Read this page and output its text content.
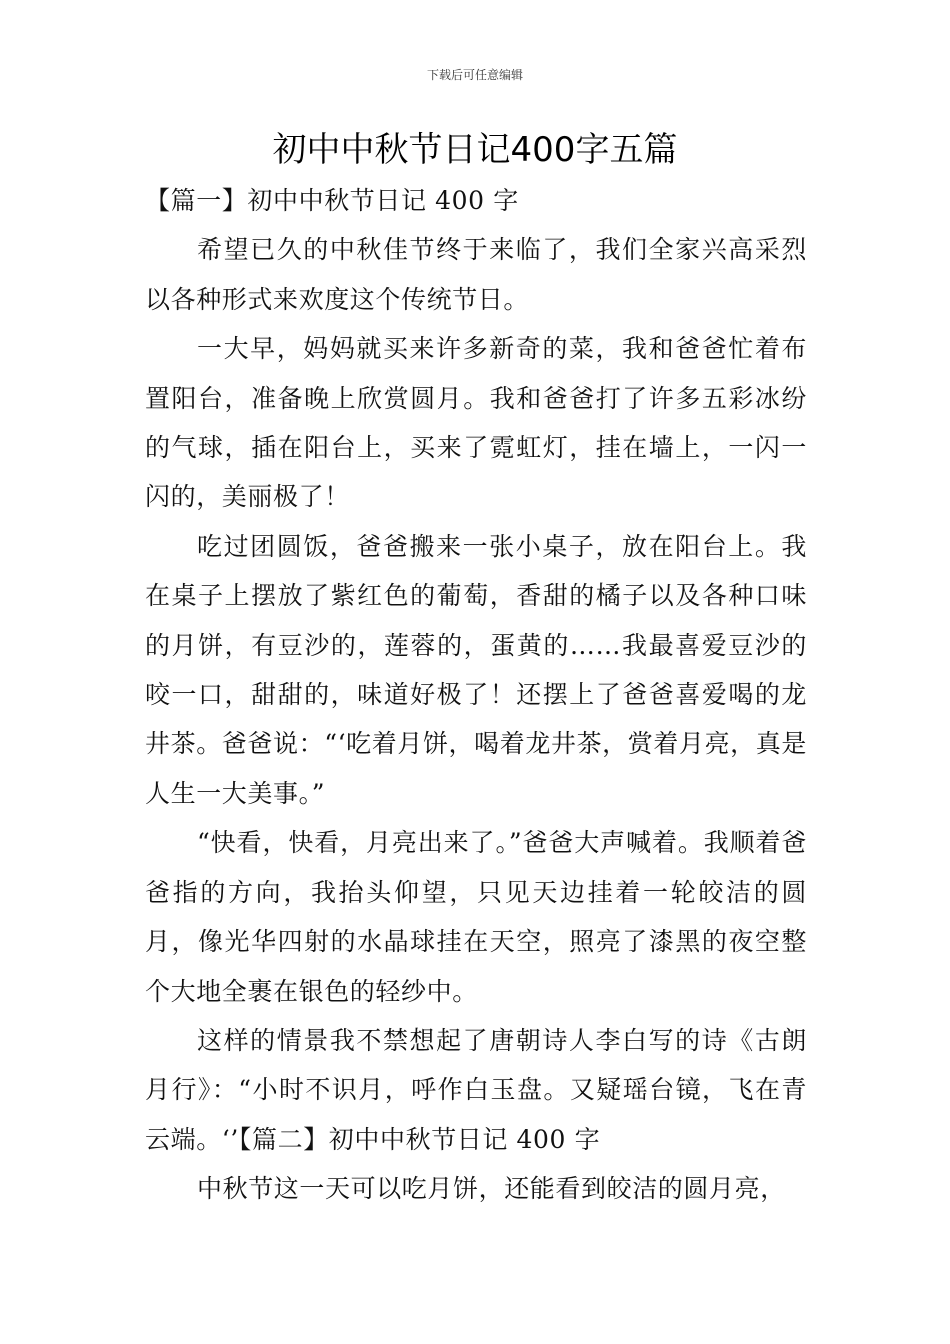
下载后可任意编辑
初中中秋节日记400字五篇

【篇一】初中中秋节日记 400 字

希望已久的中秋佳节终于来临了，我们全家兴高采烈以各种形式来欢度这个传统节日。

一大早，妈妈就买来许多新奇的菜，我和爸爸忙着布置阳台，准备晚上欣赏圆月。我和爸爸打了许多五彩冰纷的气球，插在阳台上，买来了霓虹灯，挂在墙上，一闪一闪的，美丽极了！

吃过团圆饭，爸爸搬来一张小桌子，放在阳台上。我在桌子上摆放了紫红色的葡萄，香甜的橘子以及各种口味的月饼，有豆沙的，莲蓉的，蛋黄的……我最喜爱豆沙的咬一口，甜甜的，味道好极了！还摆上了爸爸喜爱喝的龙井茶。爸爸说：“‘吃着月饼，喝着龙井茶，赏着月亮，真是人生一大美事。”

“快看，快看，月亮出来了。”爸爸大声喊着。我顺着爸爸指的方向，我抬头仰望，只见天边挂着一轮皎洁的圆月，像光华四射的水晶球挂在天空，照亮了漆黑的夜空整个大地全裹在银色的轻纱中。

这样的情景我不禁想起了唐朝诗人李白写的诗《古朗月行》：“小时不识月，呼作白玉盘。又疑瑶台镜，飞在青云端。‘’【篇二】初中中秋节日记 400 字

中秋节这一天可以吃月饼，还能看到皎洁的圆月亮，
